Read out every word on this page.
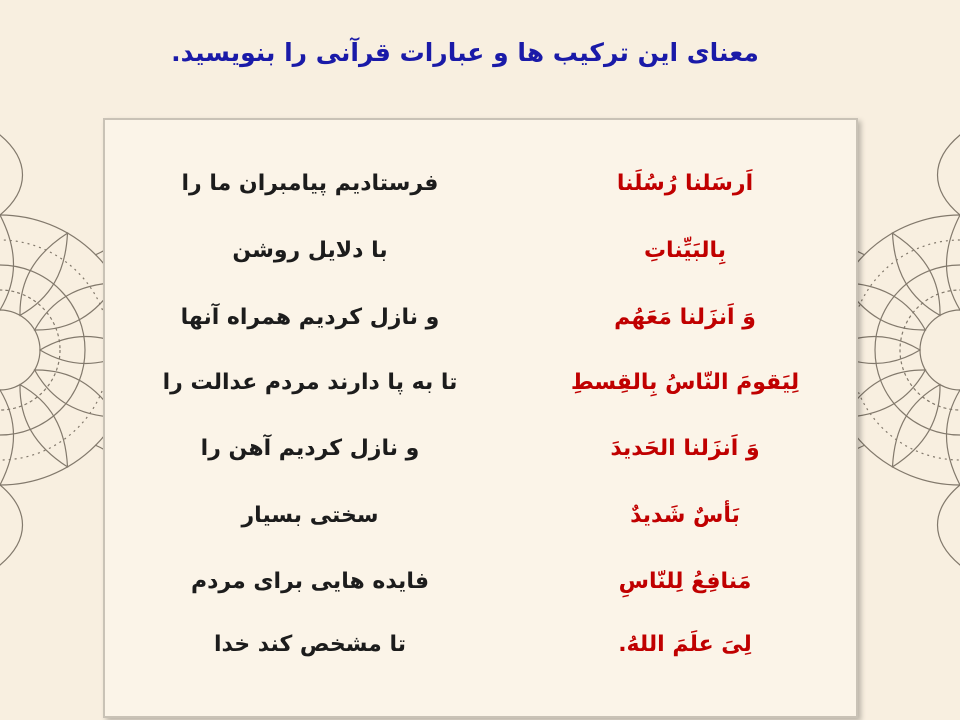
معنای این ترکیب ها و عبارات قرآنی را بنویسید.
اَرسَلنا رُسُلَنا
فرستادیم پیامبران ما را
بِالبَیِّناتِ
با دلایل روشن
وَ اَنزَلنا مَعَهُم
و نازل کردیم همراه آنها
لِیَقومَ النّاسُ بِالقِسطِ
تا به پا دارند مردم عدالت را
وَ اَنزَلنا الحَدیدَ
و نازل کردیم آهن را
بَأسٌ شَدیدٌ
سختی بسیار
مَنافِعُ لِلنّاسِ
فایده هایی برای مردم
لِیَ علَمَ اللهُ.
تا مشخص کند خدا
